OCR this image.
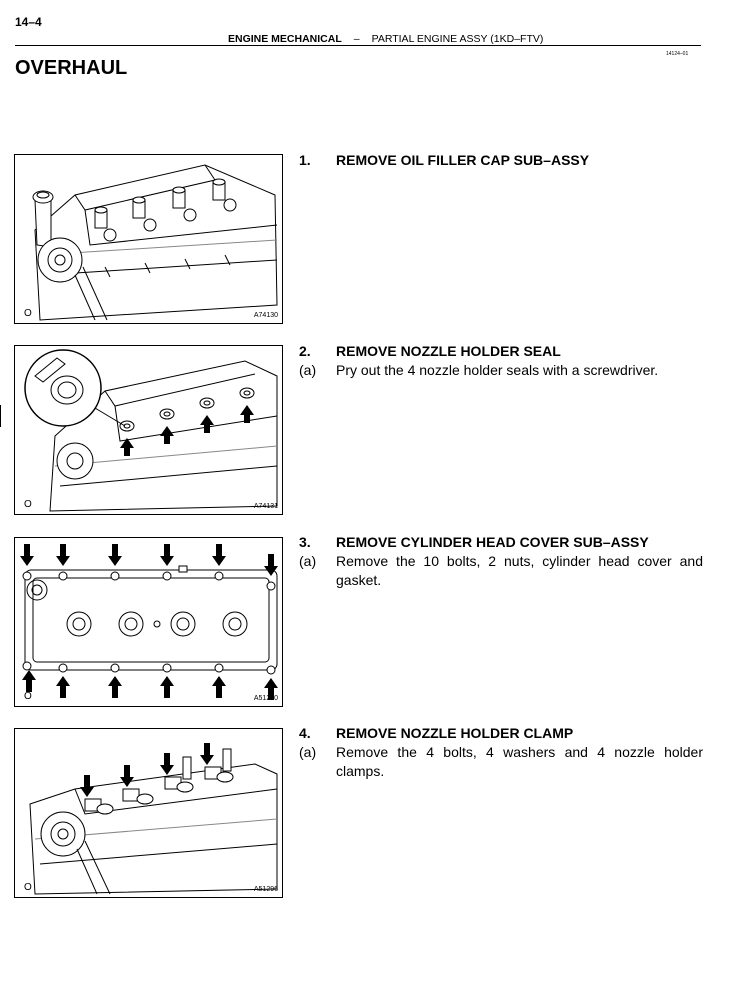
14–4
ENGINE MECHANICAL – PARTIAL ENGINE ASSY (1KD–FTV)
14124–01
OVERHAUL
O	A74130
O	A74131
O	A51280
O	A51296
1.	REMOVE OIL FILLER CAP SUB–ASSY
2.	REMOVE NOZZLE HOLDER SEAL
(a)	Pry out the 4 nozzle holder seals with a screwdriver.
3.	REMOVE CYLINDER HEAD COVER SUB–ASSY
(a)	Remove the 10 bolts, 2 nuts, cylinder head cover and gasket.
4.	REMOVE NOZZLE HOLDER CLAMP
(a)	Remove the 4 bolts, 4 washers and 4 nozzle holder clamps.
